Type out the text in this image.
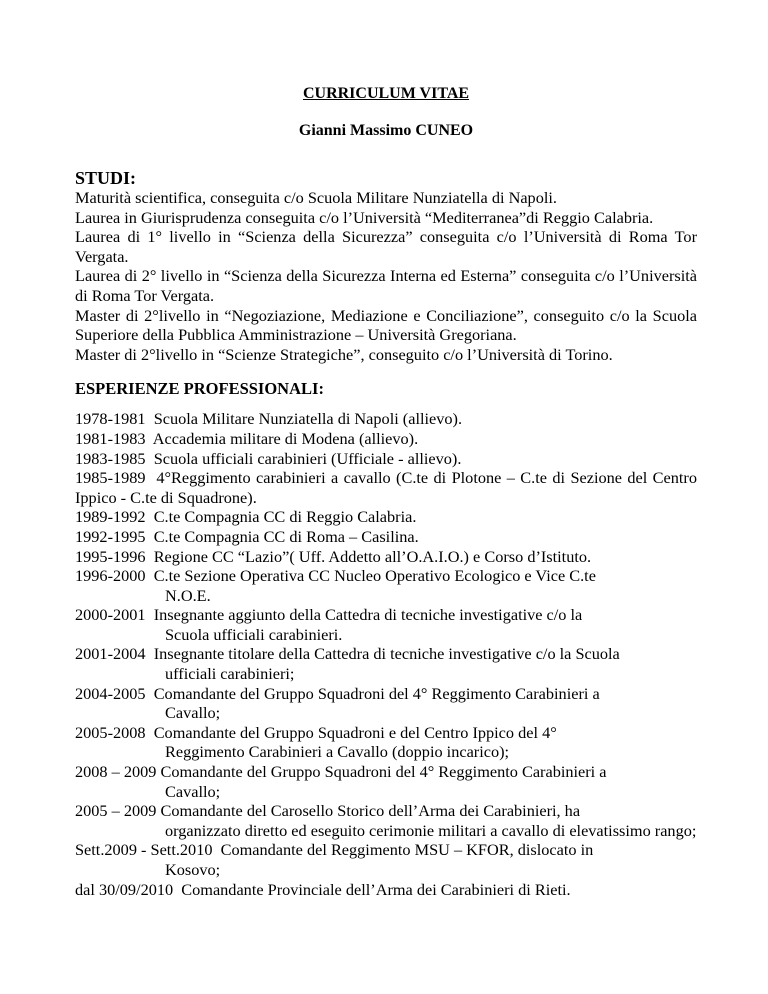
CURRICULUM VITAE

Gianni Massimo CUNEO

STUDI:

Maturità scientifica, conseguita c/o Scuola Militare Nunziatella di Napoli.

Laurea in Giurisprudenza conseguita c/o l’Università “Mediterranea”di Reggio Calabria.

Laurea di 1° livello in “Scienza della Sicurezza” conseguita c/o l’Università di Roma Tor Vergata.

Laurea di 2° livello in “Scienza della Sicurezza Interna ed Esterna” conseguita c/o l’Università di Roma Tor Vergata.

Master di 2°livello in “Negoziazione, Mediazione e Conciliazione”, conseguito c/o la Scuola Superiore della Pubblica Amministrazione – Università Gregoriana.

Master di 2°livello in “Scienze Strategiche”, conseguito c/o l’Università di Torino.

ESPERIENZE PROFESSIONALI:

1978-1981 Scuola Militare Nunziatella di Napoli (allievo).

1981-1983 Accademia militare di Modena (allievo).

1983-1985 Scuola ufficiali carabinieri (Ufficiale - allievo).

1985-1989 4°Reggimento carabinieri a cavallo (C.te di Plotone – C.te di Sezione del Centro Ippico - C.te di Squadrone).

1989-1992 C.te Compagnia CC di Reggio Calabria.

1992-1995 C.te Compagnia CC di Roma – Casilina.

1995-1996 Regione CC “Lazio”( Uff. Addetto all’O.A.I.O.) e Corso d’Istituto.

1996-2000 C.te Sezione Operativa CC Nucleo Operativo Ecologico e Vice C.te
N.O.E.

2000-2001 Insegnante aggiunto della Cattedra di tecniche investigative c/o la
Scuola ufficiali carabinieri.

2001-2004 Insegnante titolare della Cattedra di tecniche investigative c/o la Scuola
ufficiali carabinieri;

2004-2005 Comandante del Gruppo Squadroni del 4° Reggimento Carabinieri a
Cavallo;

2005-2008 Comandante del Gruppo Squadroni e del Centro Ippico del 4°
Reggimento Carabinieri a Cavallo (doppio incarico);

2008 – 2009 Comandante del Gruppo Squadroni del 4° Reggimento Carabinieri a
Cavallo;

2005 – 2009 Comandante del Carosello Storico dell’Arma dei Carabinieri, ha
organizzato diretto ed eseguito cerimonie militari a cavallo di elevatissimo rango;

Sett.2009 - Sett.2010 Comandante del Reggimento MSU – KFOR, dislocato in
Kosovo;

dal 30/09/2010 Comandante Provinciale dell’Arma dei Carabinieri di Rieti.
